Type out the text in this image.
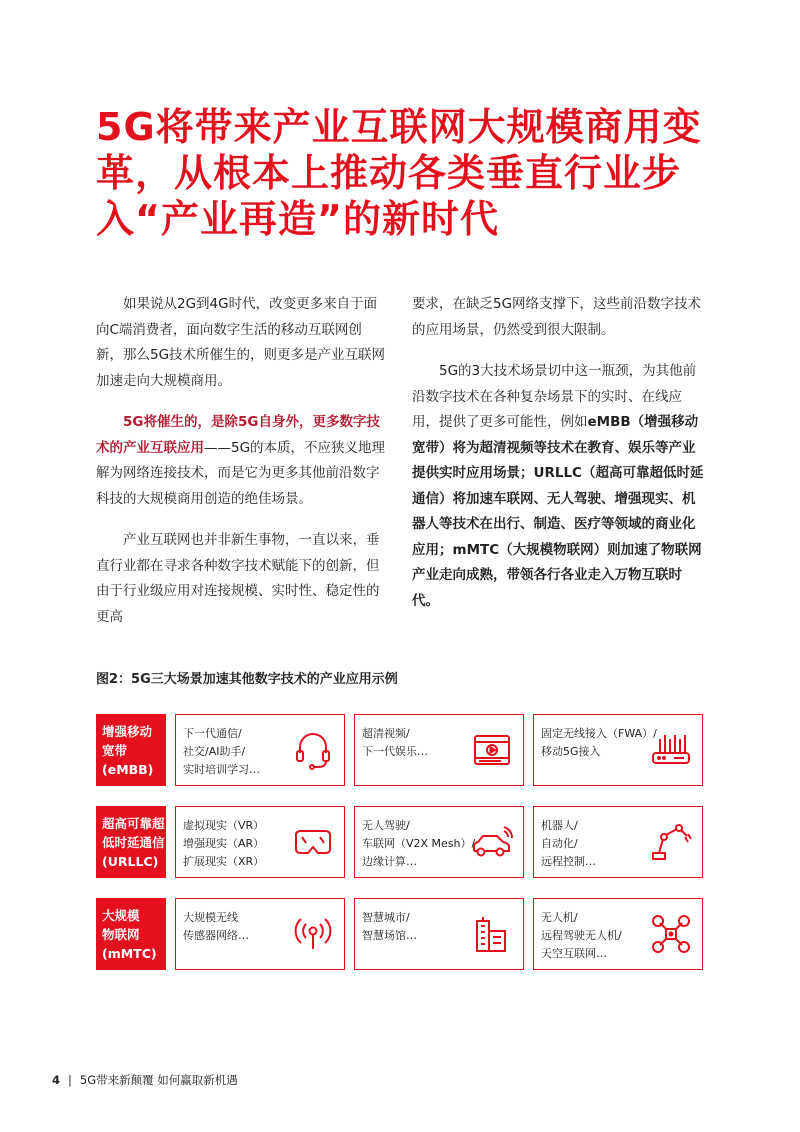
5G将带来产业互联网大规模商用变革，从根本上推动各类垂直行业步入“产业再造”的新时代

如果说从2G到4G时代，改变更多来自于面向C端消费者，面向数字生活的移动互联网创新，那么5G技术所催生的，则更多是产业互联网加速走向大规模商用。

5G将催生的，是除5G自身外，更多数字技术的产业互联应用——5G的本质，不应狭义地理解为网络连接技术，而是它为更多其他前沿数字科技的大规模商用创造的绝佳场景。

产业互联网也并非新生事物，一直以来，垂直行业都在寻求各种数字技术赋能下的创新，但由于行业级应用对连接规模、实时性、稳定性的更高

要求，在缺乏5G网络支撑下，这些前沿数字技术的应用场景，仍然受到很大限制。

5G的3大技术场景切中这一瓶颈，为其他前沿数字技术在各种复杂场景下的实时、在线应用，提供了更多可能性，例如eMBB（增强移动宽带）将为超清视频等技术在教育、娱乐等产业提供实时应用场景；URLLC（超高可靠超低时延通信）将加速车联网、无人驾驶、增强现实、机器人等技术在出行、制造、医疗等领域的商业化应用；mMTC（大规模物联网）则加速了物联网产业走向成熟，带领各行各业走入万物互联时代。

图2：5G三大场景加速其他数字技术的产业应用示例
增强移动
宽带
(eMBB)
下一代通信/
社交/AI助手/
实时培训学习…
超清视频/
下一代娱乐…
固定无线接入（FWA）/
移动5G接入
超高可靠超
低时延通信
(URLLC)
虚拟现实（VR）
增强现实（AR）
扩展现实（XR）
无人驾驶/
车联网（V2X Mesh）/
边缘计算…
机器人/
自动化/
远程控制…
大规模
物联网
(mMTC)
大规模无线
传感器网络…
智慧城市/
智慧场馆…
无人机/
远程驾驶无人机/
天空互联网…
4 | 5G带来新颠覆 如何赢取新机遇
